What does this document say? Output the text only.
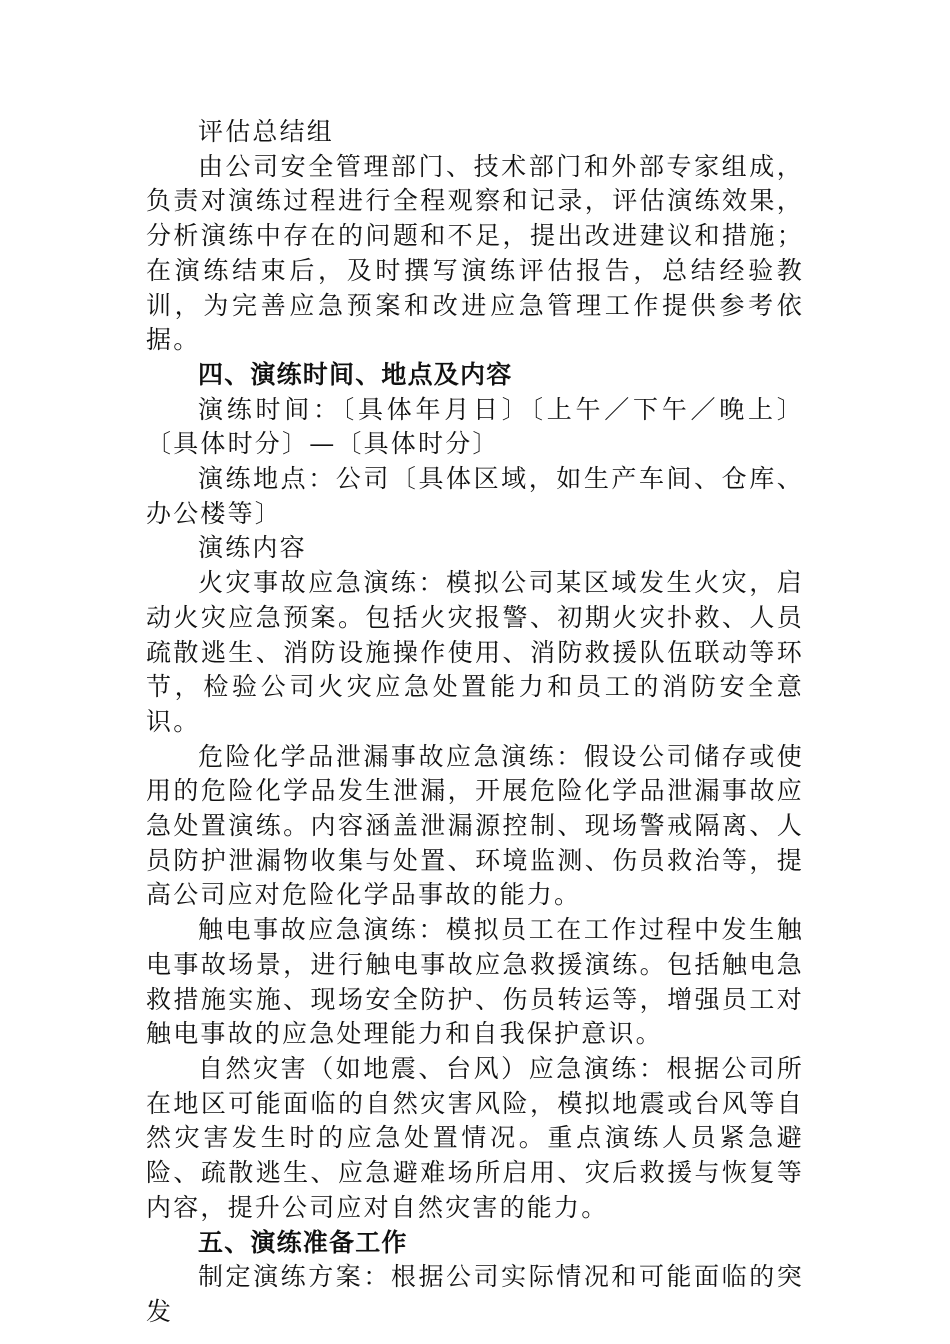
评估总结组

由公司安全管理部门、技术部门和外部专家组成，负责对演练过程进行全程观察和记录，评估演练效果，分析演练中存在的问题和不足，提出改进建议和措施；在演练结束后，及时撰写演练评估报告，总结经验教训，为完善应急预案和改进应急管理工作提供参考依据。

四、演练时间、地点及内容

演练时间：〔具体年月日〕〔上午／下午／晚上〕〔具体时分〕—〔具体时分〕

演练地点：公司〔具体区域，如生产车间、仓库、办公楼等〕

演练内容

火灾事故应急演练：模拟公司某区域发生火灾，启动火灾应急预案。包括火灾报警、初期火灾扑救、人员疏散逃生、消防设施操作使用、消防救援队伍联动等环节，检验公司火灾应急处置能力和员工的消防安全意识。

危险化学品泄漏事故应急演练：假设公司储存或使用的危险化学品发生泄漏，开展危险化学品泄漏事故应急处置演练。内容涵盖泄漏源控制、现场警戒隔离、人员防护泄漏物收集与处置、环境监测、伤员救治等，提高公司应对危险化学品事故的能力。

触电事故应急演练：模拟员工在工作过程中发生触电事故场景，进行触电事故应急救援演练。包括触电急救措施实施、现场安全防护、伤员转运等，增强员工对触电事故的应急处理能力和自我保护意识。

自然灾害（如地震、台风）应急演练：根据公司所在地区可能面临的自然灾害风险，模拟地震或台风等自然灾害发生时的应急处置情况。重点演练人员紧急避险、疏散逃生、应急避难场所启用、灾后救援与恢复等内容，提升公司应对自然灾害的能力。

五、演练准备工作

制定演练方案：根据公司实际情况和可能面临的突发
